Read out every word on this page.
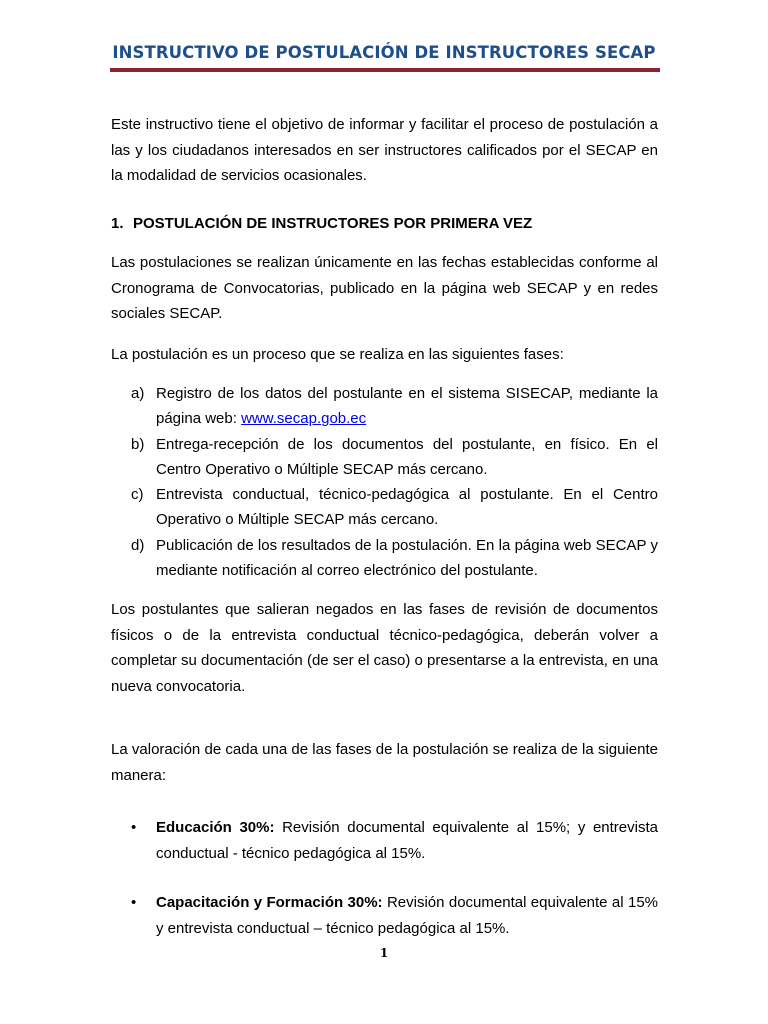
INSTRUCTIVO DE POSTULACIÓN DE INSTRUCTORES SECAP

Este instructivo tiene el objetivo de informar y facilitar el proceso de postulación a las y los ciudadanos interesados en ser instructores calificados por el SECAP en la modalidad de servicios ocasionales.

1. POSTULACIÓN DE INSTRUCTORES POR PRIMERA VEZ

Las postulaciones se realizan únicamente en las fechas establecidas conforme al Cronograma de Convocatorias, publicado en la página web SECAP y en redes sociales SECAP.

La postulación es un proceso que se realiza en las siguientes fases:

a) Registro de los datos del postulante en el sistema SISECAP, mediante la página web: www.secap.gob.ec
b) Entrega-recepción de los documentos del postulante, en físico. En el Centro Operativo o Múltiple SECAP más cercano.
c) Entrevista conductual, técnico-pedagógica al postulante. En el Centro Operativo o Múltiple SECAP más cercano.
d) Publicación de los resultados de la postulación. En la página web SECAP y mediante notificación al correo electrónico del postulante.

Los postulantes que salieran negados en las fases de revisión de documentos físicos o de la entrevista conductual técnico-pedagógica, deberán volver a completar su documentación (de ser el caso) o presentarse a la entrevista, en una nueva convocatoria.

La valoración de cada una de las fases de la postulación se realiza de la siguiente manera:

• Educación 30%: Revisión documental equivalente al 15%; y entrevista conductual - técnico pedagógica al 15%.
• Capacitación y Formación 30%: Revisión documental equivalente al 15% y entrevista conductual – técnico pedagógica al 15%.
1
